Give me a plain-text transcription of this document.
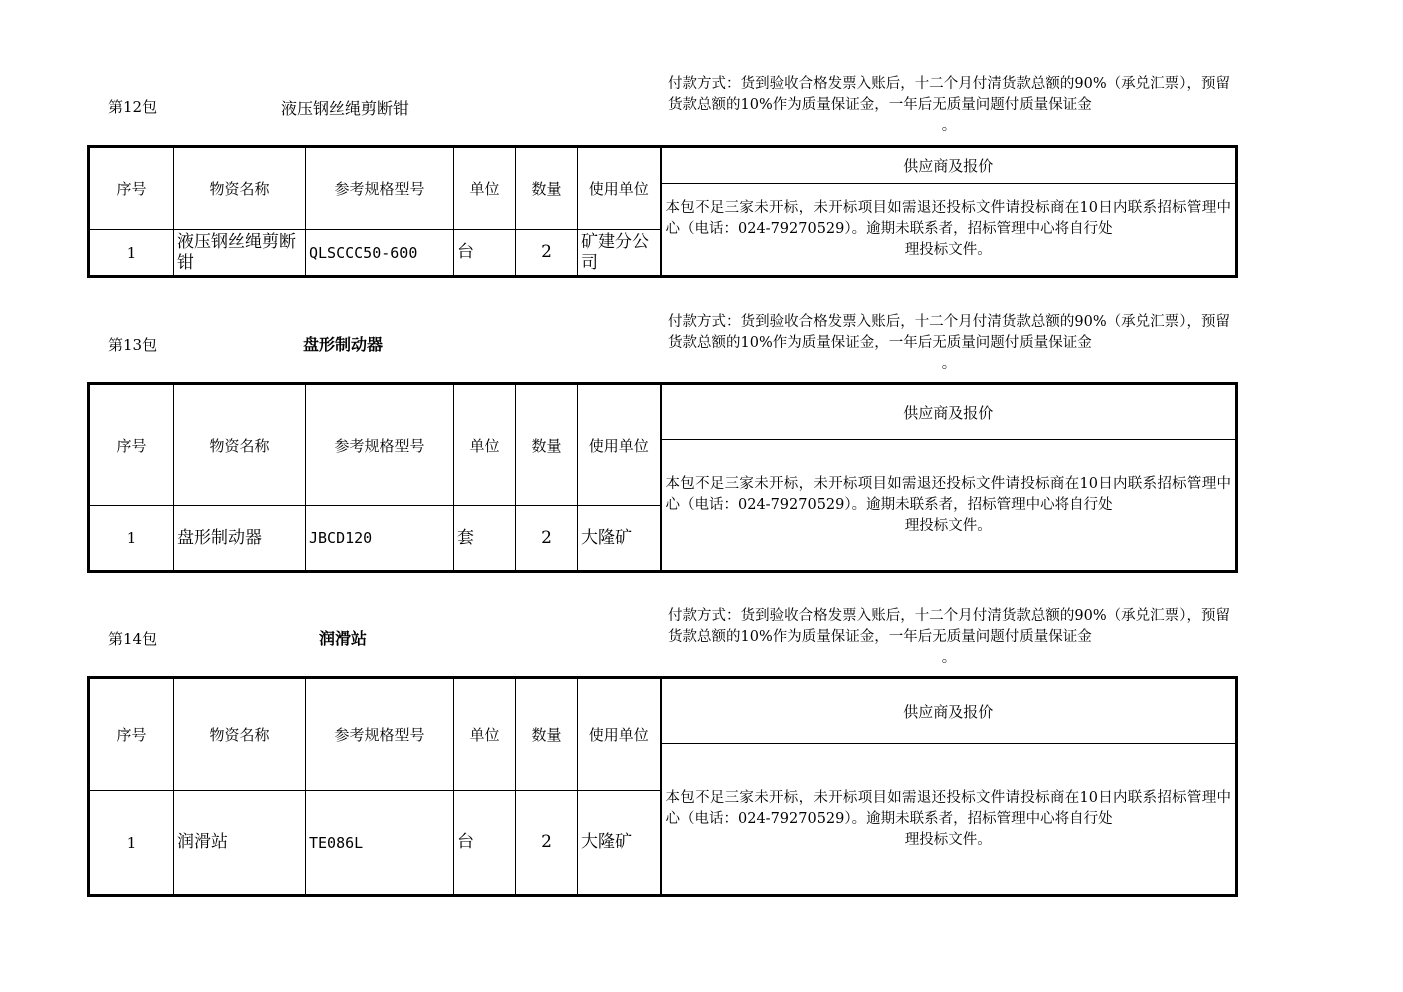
第12包	液压钢丝绳剪断钳
付款方式：货到验收合格发票入账后，十二个月付清货款总额的90%（承兑汇票），预留货款总额的10%作为质量保证金，一年后无质量问题付质量保证金
。
序号	物资名称	参考规格型号	单位	数量	使用单位	供应商及报价
						本包不足三家未开标，未开标项目如需退还投标文件请投标商在10日内联系招标管理中心（电话：024-79270529）。逾期未联系者，招标管理中心将自行处
理投标文件。

1	液压钢丝绳剪断钳	QLSCCC50-600	台	2	矿建分公司	
第13包	盘形制动器
付款方式：货到验收合格发票入账后，十二个月付清货款总额的90%（承兑汇票），预留货款总额的10%作为质量保证金，一年后无质量问题付质量保证金
。
序号	物资名称	参考规格型号	单位	数量	使用单位	供应商及报价
						本包不足三家未开标，未开标项目如需退还投标文件请投标商在10日内联系招标管理中心（电话：024-79270529）。逾期未联系者，招标管理中心将自行处
理投标文件。

1	盘形制动器	JBCD120	套	2	大隆矿	
第14包	润滑站
付款方式：货到验收合格发票入账后，十二个月付清货款总额的90%（承兑汇票），预留货款总额的10%作为质量保证金，一年后无质量问题付质量保证金
。
序号	物资名称	参考规格型号	单位	数量	使用单位	供应商及报价
						本包不足三家未开标，未开标项目如需退还投标文件请投标商在10日内联系招标管理中心（电话：024-79270529）。逾期未联系者，招标管理中心将自行处
理投标文件。

1	润滑站	TE086L	台	2	大隆矿	
